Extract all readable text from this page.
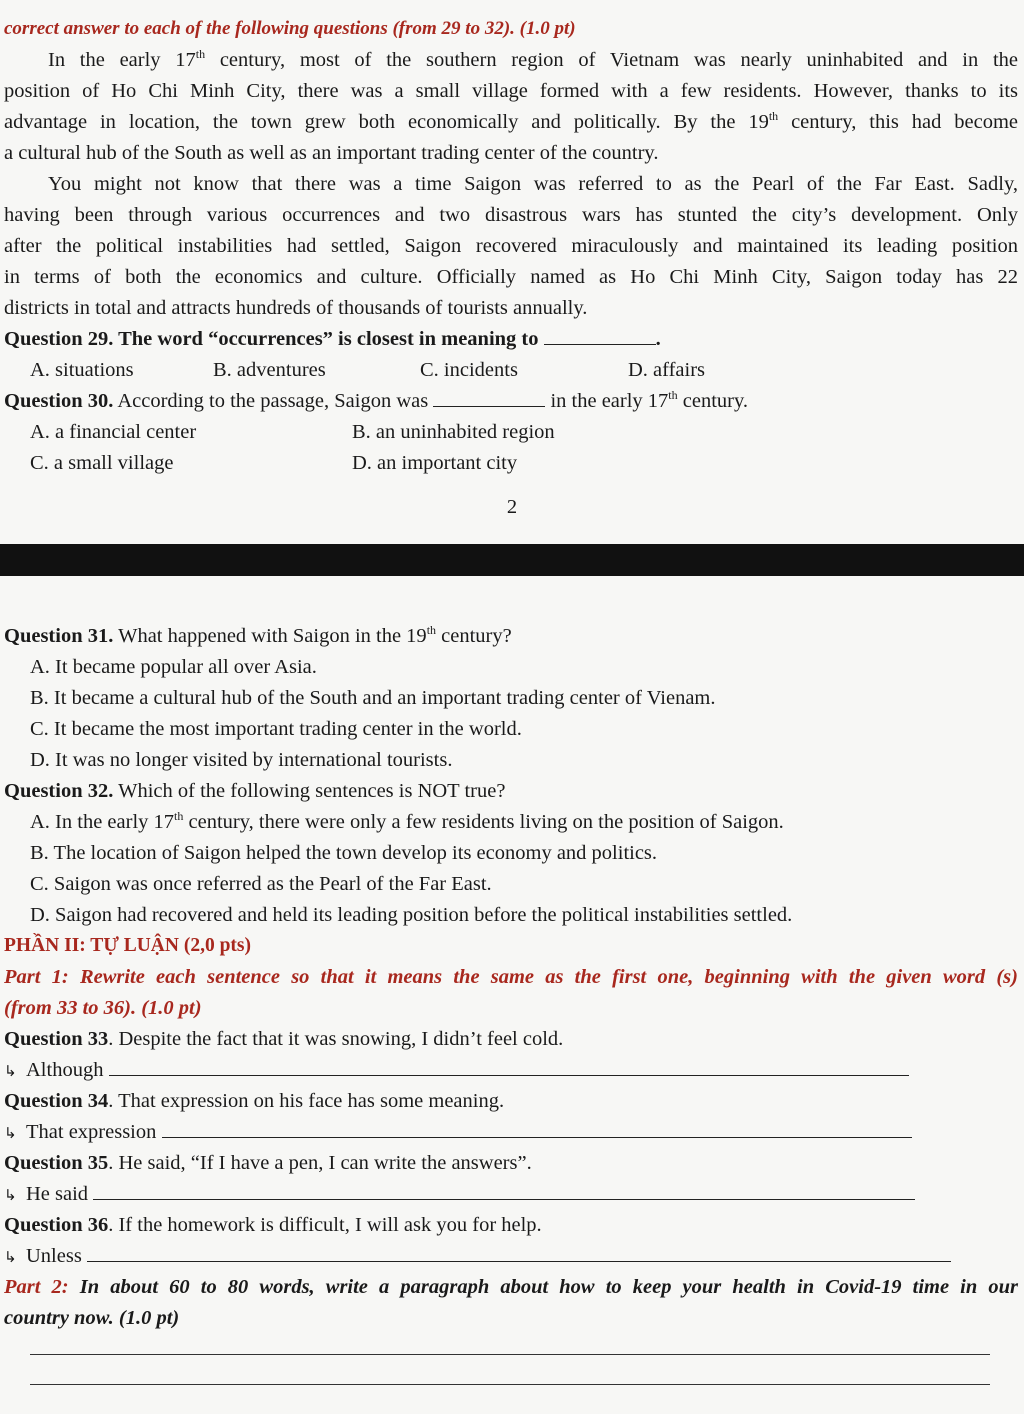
correct answer to each of the following questions (from 29 to 32). (1.0 pt)
In the early 17th century, most of the southern region of Vietnam was nearly uninhabited and in the
position of Ho Chi Minh City, there was a small village formed with a few residents. However, thanks to its
advantage in location, the town grew both economically and politically. By the 19th century, this had become
a cultural hub of the South as well as an important trading center of the country.
You might not know that there was a time Saigon was referred to as the Pearl of the Far East. Sadly,
having been through various occurrences and two disastrous wars has stunted the city’s development. Only
after the political instabilities had settled, Saigon recovered miraculously and maintained its leading position
in terms of both the economics and culture. Officially named as Ho Chi Minh City, Saigon today has 22
districts in total and attracts hundreds of thousands of tourists annually.
Question 29. The word “occurrences” is closest in meaning to	.
A. situations	B. adventures	C. incidents	D. affairs
Question 30. According to the passage, Saigon was	in the early 17th century.
A. a financial center	B. an uninhabited region
C. a small village	D. an important city
2
Question 31. What happened with Saigon in the 19th century?
A. It became popular all over Asia.
B. It became a cultural hub of the South and an important trading center of Vienam.
C. It became the most important trading center in the world.
D. It was no longer visited by international tourists.
Question 32. Which of the following sentences is NOT true?
A. In the early 17th century, there were only a few residents living on the position of Saigon.
B. The location of Saigon helped the town develop its economy and politics.
C. Saigon was once referred as the Pearl of the Far East.
D. Saigon had recovered and held its leading position before the political instabilities settled.
PHẦN II: TỰ LUẬN (2,0 pts)
Part 1: Rewrite each sentence so that it means the same as the first one, beginning with the given word (s)
(from 33 to 36). (1.0 pt)
Question 33. Despite the fact that it was snowing, I didn’t feel cold.
↳ Although
Question 34. That expression on his face has some meaning.
↳ That expression
Question 35. He said, “If I have a pen, I can write the answers”.
↳ He said
Question 36. If the homework is difficult, I will ask you for help.
↳ Unless
Part 2: In about 60 to 80 words, write a paragraph about how to keep your health in Covid-19 time in our
country now. (1.0 pt)
